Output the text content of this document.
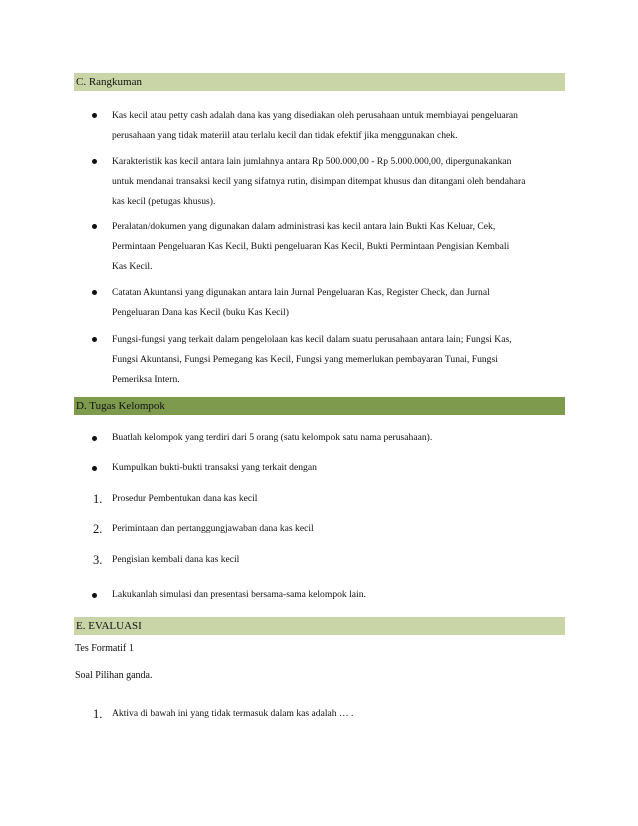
C. Rangkuman
Kas kecil atau petty cash adalah dana kas yang disediakan oleh perusahaan untuk membiayai pengeluaran
perusahaan yang tidak materiil atau terlalu kecil dan tidak efektif jika menggunakan chek.
Karakteristik kas kecil antara lain jumlahnya antara Rp 500.000,00 - Rp 5.000.000,00, dipergunakankan
untuk mendanai transaksi kecil yang sifatnya rutin, disimpan ditempat khusus dan ditangani oleh bendahara
kas kecil (petugas khusus).
Peralatan/dokumen yang digunakan dalam administrasi kas kecil antara lain Bukti Kas Keluar, Cek,
Permintaan Pengeluaran Kas Kecil, Bukti pengeluaran Kas Kecil, Bukti Permintaan Pengisian Kembali
Kas Kecil.
Catatan Akuntansi yang digunakan antara lain Jurnal Pengeluaran Kas, Register Check, dan Jurnal
Pengeluaran Dana kas Kecil (buku Kas Kecil)
Fungsi-fungsi yang terkait dalam pengelolaan kas kecil dalam suatu perusahaan antara lain; Fungsi Kas,
Fungsi Akuntansi, Fungsi Pemegang kas Kecil, Fungsi yang memerlukan pembayaran Tunai, Fungsi
Pemeriksa Intern.
D. Tugas Kelompok
Buatlah kelompok yang terdiri dari 5 orang (satu kelompok satu nama perusahaan).
Kumpulkan bukti-bukti transaksi yang terkait dengan
1. Prosedur Pembentukan dana kas kecil
2. Perimintaan dan pertanggungjawaban dana kas kecil
3. Pengisian kembali dana kas kecil
Lakukanlah simulasi dan presentasi bersama-sama kelompok lain.
E. EVALUASI
Tes Formatif 1
Soal Pilihan ganda.
1. Aktiva di bawah ini yang tidak termasuk dalam kas adalah … .
